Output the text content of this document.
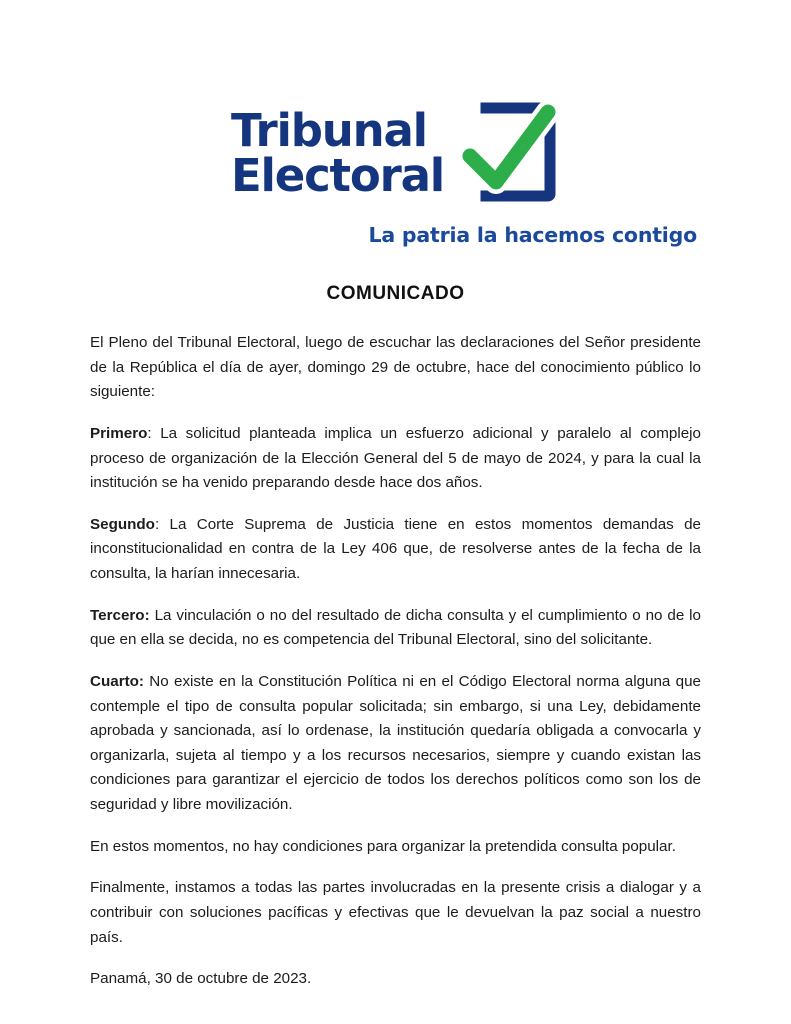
Tribunal
Electoral
La patria la hacemos contigo
COMUNICADO

El Pleno del Tribunal Electoral, luego de escuchar las declaraciones del Señor presidente de la República el día de ayer, domingo 29 de octubre, hace del conocimiento público lo siguiente:

Primero: La solicitud planteada implica un esfuerzo adicional y paralelo al complejo proceso de organización de la Elección General del 5 de mayo de 2024, y para la cual la institución se ha venido preparando desde hace dos años.

Segundo: La Corte Suprema de Justicia tiene en estos momentos demandas de inconstitucionalidad en contra de la Ley 406 que, de resolverse antes de la fecha de la consulta, la harían innecesaria.

Tercero: La vinculación o no del resultado de dicha consulta y el cumplimiento o no de lo que en ella se decida, no es competencia del Tribunal Electoral, sino del solicitante.

Cuarto: No existe en la Constitución Política ni en el Código Electoral norma alguna que contemple el tipo de consulta popular solicitada; sin embargo, si una Ley, debidamente aprobada y sancionada, así lo ordenase, la institución quedaría obligada a convocarla y organizarla, sujeta al tiempo y a los recursos necesarios, siempre y cuando existan las condiciones para garantizar el ejercicio de todos los derechos políticos como son los de seguridad y libre movilización.

En estos momentos, no hay condiciones para organizar la pretendida consulta popular.

Finalmente, instamos a todas las partes involucradas en la presente crisis a dialogar y a contribuir con soluciones pacíficas y efectivas que le devuelvan la paz social a nuestro país.

Panamá, 30 de octubre de 2023.
